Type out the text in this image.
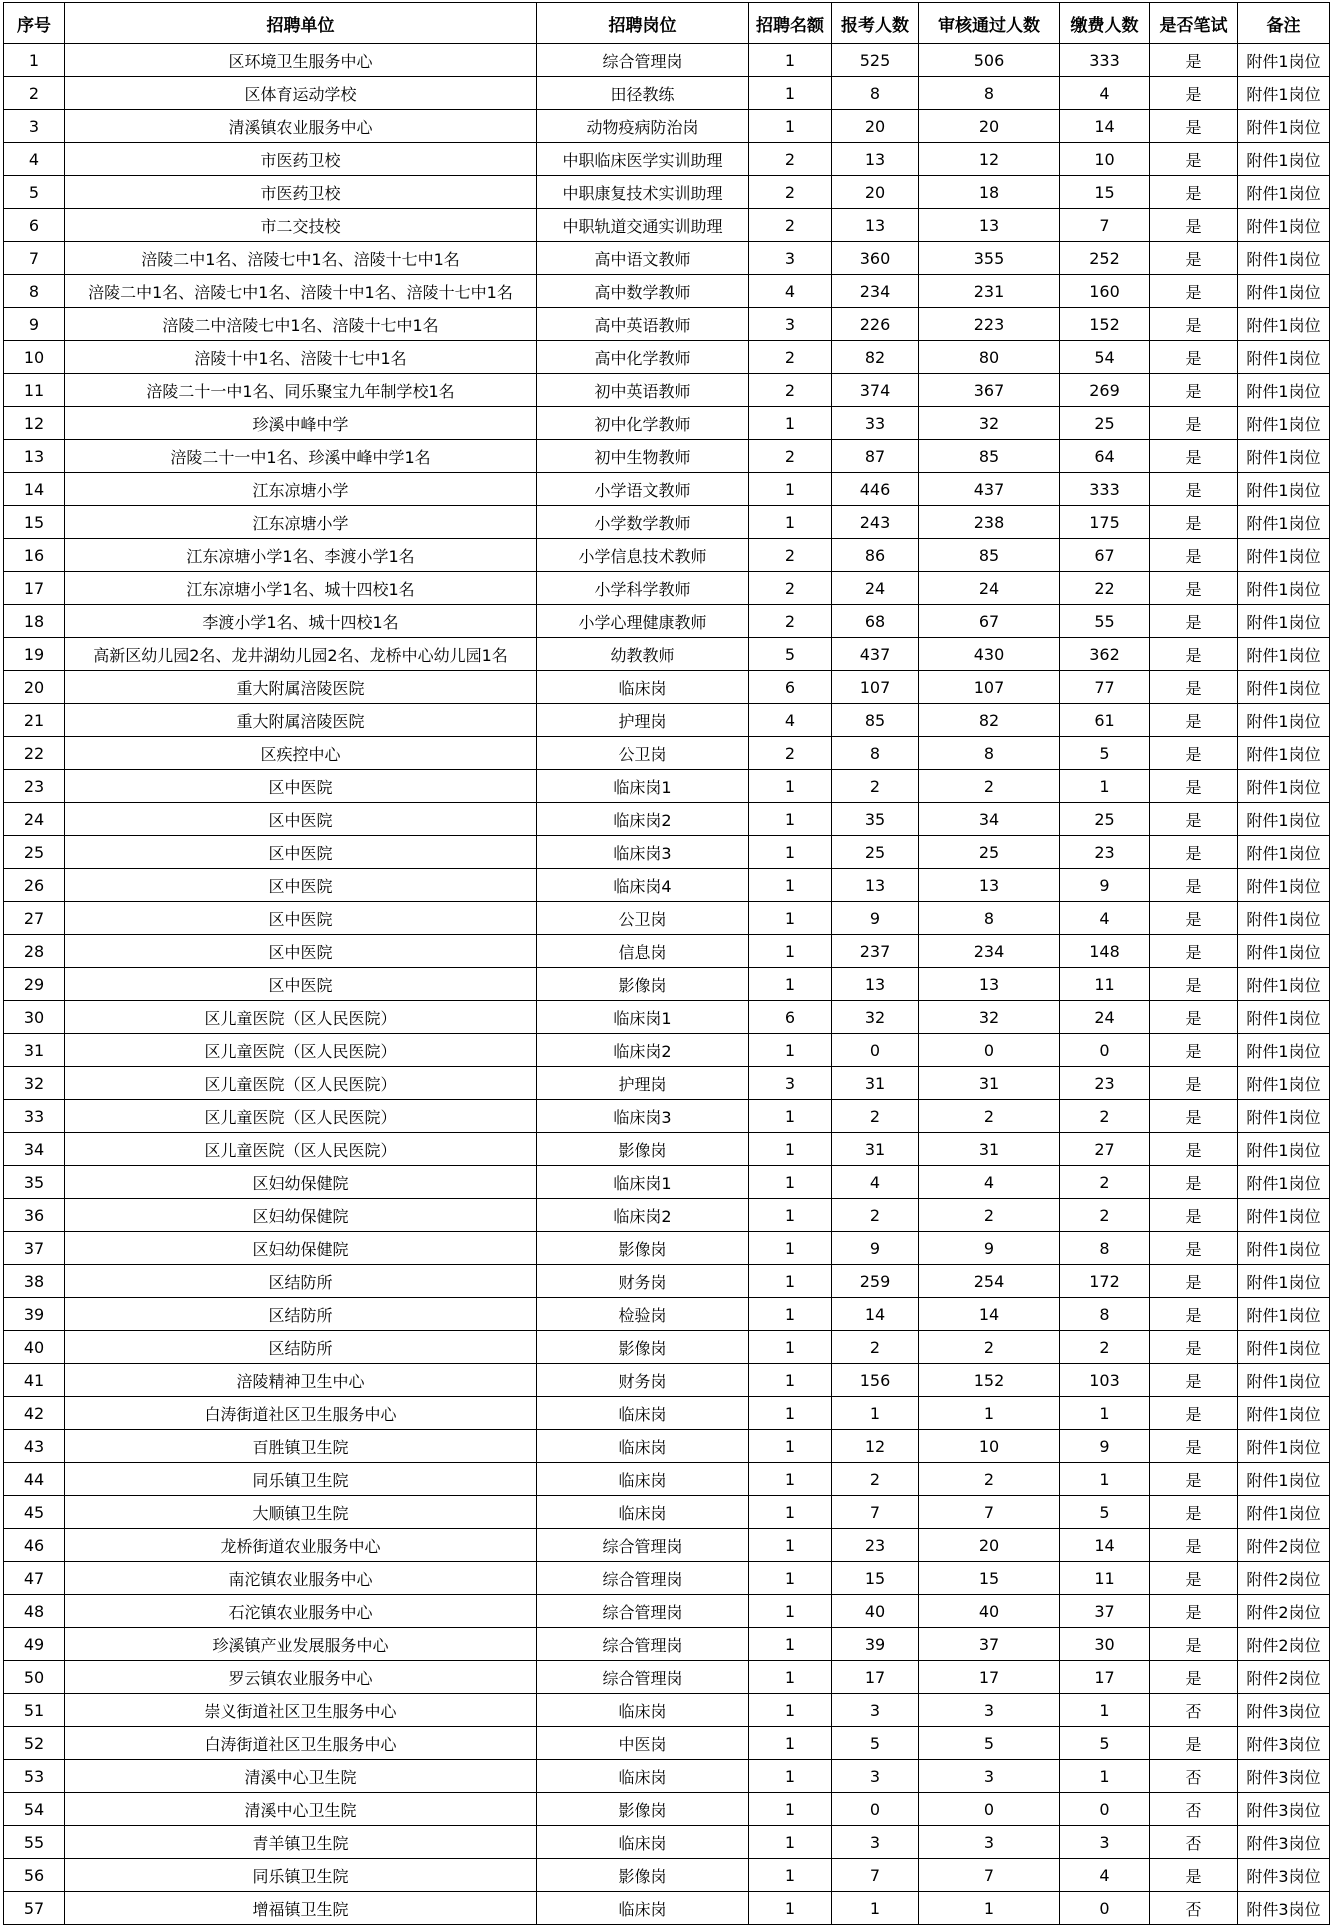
序号	招聘单位	招聘岗位	招聘名额	报考人数	审核通过人数	缴费人数	是否笔试	备注
1	区环境卫生服务中心	综合管理岗	1	525	506	333	是	附件1岗位
2	区体育运动学校	田径教练	1	8	8	4	是	附件1岗位
3	清溪镇农业服务中心	动物疫病防治岗	1	20	20	14	是	附件1岗位
4	市医药卫校	中职临床医学实训助理	2	13	12	10	是	附件1岗位
5	市医药卫校	中职康复技术实训助理	2	20	18	15	是	附件1岗位
6	市二交技校	中职轨道交通实训助理	2	13	13	7	是	附件1岗位
7	涪陵二中1名、涪陵七中1名、涪陵十七中1名	高中语文教师	3	360	355	252	是	附件1岗位
8	涪陵二中1名、涪陵七中1名、涪陵十中1名、涪陵十七中1名	高中数学教师	4	234	231	160	是	附件1岗位
9	涪陵二中涪陵七中1名、涪陵十七中1名	高中英语教师	3	226	223	152	是	附件1岗位
10	涪陵十中1名、涪陵十七中1名	高中化学教师	2	82	80	54	是	附件1岗位
11	涪陵二十一中1名、同乐聚宝九年制学校1名	初中英语教师	2	374	367	269	是	附件1岗位
12	珍溪中峰中学	初中化学教师	1	33	32	25	是	附件1岗位
13	涪陵二十一中1名、珍溪中峰中学1名	初中生物教师	2	87	85	64	是	附件1岗位
14	江东凉塘小学	小学语文教师	1	446	437	333	是	附件1岗位
15	江东凉塘小学	小学数学教师	1	243	238	175	是	附件1岗位
16	江东凉塘小学1名、李渡小学1名	小学信息技术教师	2	86	85	67	是	附件1岗位
17	江东凉塘小学1名、城十四校1名	小学科学教师	2	24	24	22	是	附件1岗位
18	李渡小学1名、城十四校1名	小学心理健康教师	2	68	67	55	是	附件1岗位
19	高新区幼儿园2名、龙井湖幼儿园2名、龙桥中心幼儿园1名	幼教教师	5	437	430	362	是	附件1岗位
20	重大附属涪陵医院	临床岗	6	107	107	77	是	附件1岗位
21	重大附属涪陵医院	护理岗	4	85	82	61	是	附件1岗位
22	区疾控中心	公卫岗	2	8	8	5	是	附件1岗位
23	区中医院	临床岗1	1	2	2	1	是	附件1岗位
24	区中医院	临床岗2	1	35	34	25	是	附件1岗位
25	区中医院	临床岗3	1	25	25	23	是	附件1岗位
26	区中医院	临床岗4	1	13	13	9	是	附件1岗位
27	区中医院	公卫岗	1	9	8	4	是	附件1岗位
28	区中医院	信息岗	1	237	234	148	是	附件1岗位
29	区中医院	影像岗	1	13	13	11	是	附件1岗位
30	区儿童医院（区人民医院）	临床岗1	6	32	32	24	是	附件1岗位
31	区儿童医院（区人民医院）	临床岗2	1	0	0	0	是	附件1岗位
32	区儿童医院（区人民医院）	护理岗	3	31	31	23	是	附件1岗位
33	区儿童医院（区人民医院）	临床岗3	1	2	2	2	是	附件1岗位
34	区儿童医院（区人民医院）	影像岗	1	31	31	27	是	附件1岗位
35	区妇幼保健院	临床岗1	1	4	4	2	是	附件1岗位
36	区妇幼保健院	临床岗2	1	2	2	2	是	附件1岗位
37	区妇幼保健院	影像岗	1	9	9	8	是	附件1岗位
38	区结防所	财务岗	1	259	254	172	是	附件1岗位
39	区结防所	检验岗	1	14	14	8	是	附件1岗位
40	区结防所	影像岗	1	2	2	2	是	附件1岗位
41	涪陵精神卫生中心	财务岗	1	156	152	103	是	附件1岗位
42	白涛街道社区卫生服务中心	临床岗	1	1	1	1	是	附件1岗位
43	百胜镇卫生院	临床岗	1	12	10	9	是	附件1岗位
44	同乐镇卫生院	临床岗	1	2	2	1	是	附件1岗位
45	大顺镇卫生院	临床岗	1	7	7	5	是	附件1岗位
46	龙桥街道农业服务中心	综合管理岗	1	23	20	14	是	附件2岗位
47	南沱镇农业服务中心	综合管理岗	1	15	15	11	是	附件2岗位
48	石沱镇农业服务中心	综合管理岗	1	40	40	37	是	附件2岗位
49	珍溪镇产业发展服务中心	综合管理岗	1	39	37	30	是	附件2岗位
50	罗云镇农业服务中心	综合管理岗	1	17	17	17	是	附件2岗位
51	崇义街道社区卫生服务中心	临床岗	1	3	3	1	否	附件3岗位
52	白涛街道社区卫生服务中心	中医岗	1	5	5	5	是	附件3岗位
53	清溪中心卫生院	临床岗	1	3	3	1	否	附件3岗位
54	清溪中心卫生院	影像岗	1	0	0	0	否	附件3岗位
55	青羊镇卫生院	临床岗	1	3	3	3	否	附件3岗位
56	同乐镇卫生院	影像岗	1	7	7	4	是	附件3岗位
57	增福镇卫生院	临床岗	1	1	1	0	否	附件3岗位
